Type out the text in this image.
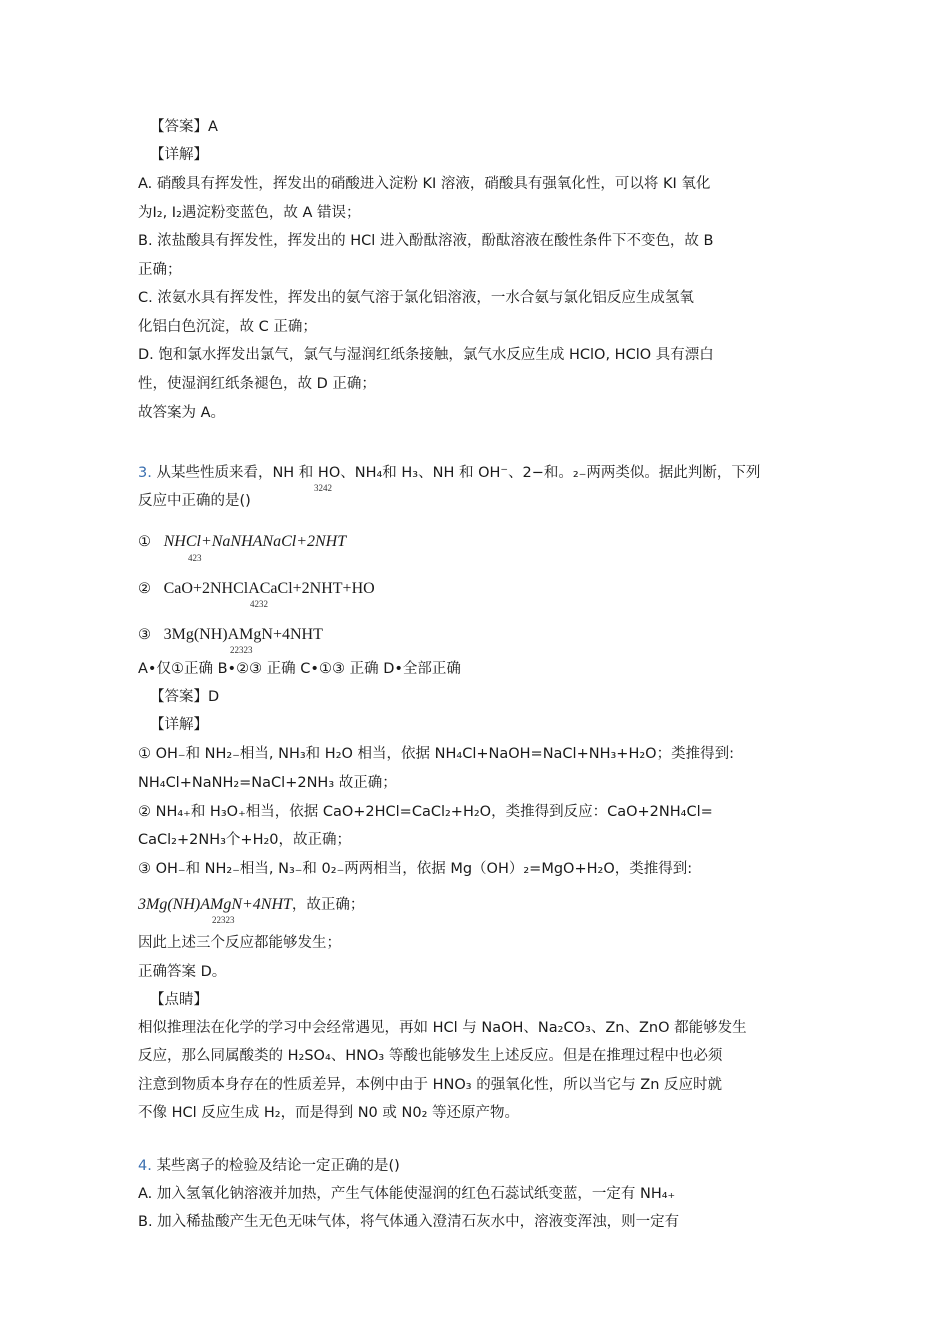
【答案】A
【详解】
A. 硝酸具有挥发性，挥发出的硝酸进入淀粉 KI 溶液，硝酸具有强氧化性，可以将 KI 氧化
为I₂, I₂遇淀粉变蓝色，故 A 错误；
B. 浓盐酸具有挥发性，挥发出的 HCl 进入酚酞溶液，酚酞溶液在酸性条件下不变色，故 B
正确；
C. 浓氨水具有挥发性，挥发出的氨气溶于氯化铝溶液，一水合氨与氯化铝反应生成氢氧
化铝白色沉淀，故 C 正确；
D. 饱和氯水挥发出氯气，氯气与湿润红纸条接触，氯气水反应生成 HClO, HClO 具有漂白
性，使湿润红纸条褪色，故 D 正确；
故答案为 A。
3. 从某些性质来看，NH 和 HO、NH₄和 H₃、NH 和 OH⁻、2−和。₂₋两两类似。据此判断，下列
3242
反应中正确的是()
① NHCl+NaNHANaCl+2NHT
423
② CaO+2NHClACaCl+2NHT+HO
4232
③ 3Mg(NH)AMgN+4NHT
22323
A•仅①正确 B•②③ 正确 C•①③ 正确 D•全部正确
【答案】D
【详解】
① OH₋和 NH₂₋相当, NH₃和 H₂O 相当，依据 NH₄Cl+NaOH=NaCl+NH₃+H₂O；类推得到:
NH₄Cl+NaNH₂=NaCl+2NH₃ 故正确；
② NH₄₊和 H₃O₊相当，依据 CaO+2HCl=CaCl₂+H₂O，类推得到反应：CaO+2NH₄Cl=
CaCl₂+2NH₃个+H₂0，故正确；
③ OH₋和 NH₂₋相当, N₃₋和 0₂₋两两相当，依据 Mg（OH）₂=MgO+H₂O，类推得到:
3Mg(NH)AMgN+4NHT，故正确；
22323
因此上述三个反应都能够发生；
正确答案 D。
【点睛】
相似推理法在化学的学习中会经常遇见，再如 HCl 与 NaOH、Na₂CO₃、Zn、ZnO 都能够发生
反应，那么同属酸类的 H₂SO₄、HNO₃ 等酸也能够发生上述反应。但是在推理过程中也必须
注意到物质本身存在的性质差异，本例中由于 HNO₃ 的强氧化性，所以当它与 Zn 反应时就
不像 HCl 反应生成 H₂，而是得到 N0 或 N0₂ 等还原产物。
4. 某些离子的检验及结论一定正确的是()
A. 加入氢氧化钠溶液并加热，产生气体能使湿润的红色石蕊试纸变蓝，一定有 NH₄₊
B. 加入稀盐酸产生无色无味气体，将气体通入澄清石灰水中，溶液变浑浊，则一定有
